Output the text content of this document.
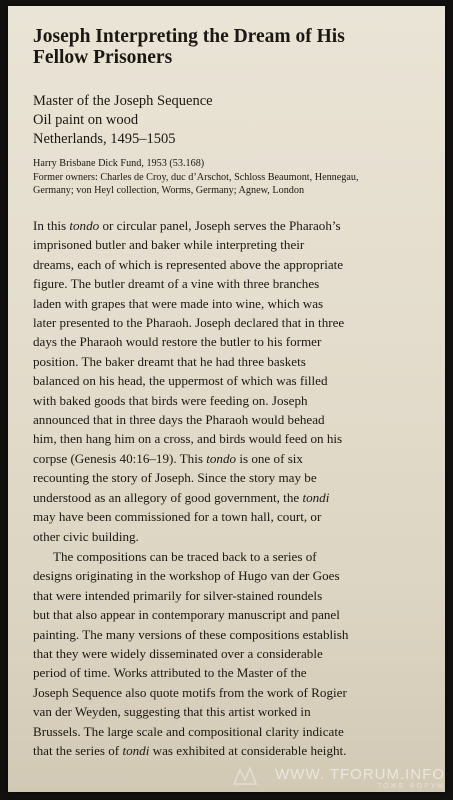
Joseph Interpreting the Dream of His
Fellow Prisoners
Master of the Joseph Sequence
Oil paint on wood
Netherlands, 1495–1505
Harry Brisbane Dick Fund, 1953 (53.168)
Former owners: Charles de Croy, duc d’Arschot, Schloss Beaumont, Hennegau,
Germany; von Heyl collection, Worms, Germany; Agnew, London
In this tondo or circular panel, Joseph serves the Pharaoh’s
imprisoned butler and baker while interpreting their
dreams, each of which is represented above the appropriate
figure. The butler dreamt of a vine with three branches
laden with grapes that were made into wine, which was
later presented to the Pharaoh. Joseph declared that in three
days the Pharaoh would restore the butler to his former
position. The baker dreamt that he had three baskets
balanced on his head, the uppermost of which was filled
with baked goods that birds were feeding on. Joseph
announced that in three days the Pharaoh would behead
him, then hang him on a cross, and birds would feed on his
corpse (Genesis 40:16–19). This tondo is one of six
recounting the story of Joseph. Since the story may be
understood as an allegory of good government, the tondi
may have been commissioned for a town hall, court, or
other civic building.
The compositions can be traced back to a series of
designs originating in the workshop of Hugo van der Goes
that were intended primarily for silver-stained roundels
but that also appear in contemporary manuscript and panel
painting. The many versions of these compositions establish
that they were widely disseminated over a considerable
period of time. Works attributed to the Master of the
Joseph Sequence also quote motifs from the work of Rogier
van der Weyden, suggesting that this artist worked in
Brussels. The large scale and compositional clarity indicate
that the series of tondi was exhibited at considerable height.
WWW. TFORUM.INFO
ТОЖЕ ФОРУМ
